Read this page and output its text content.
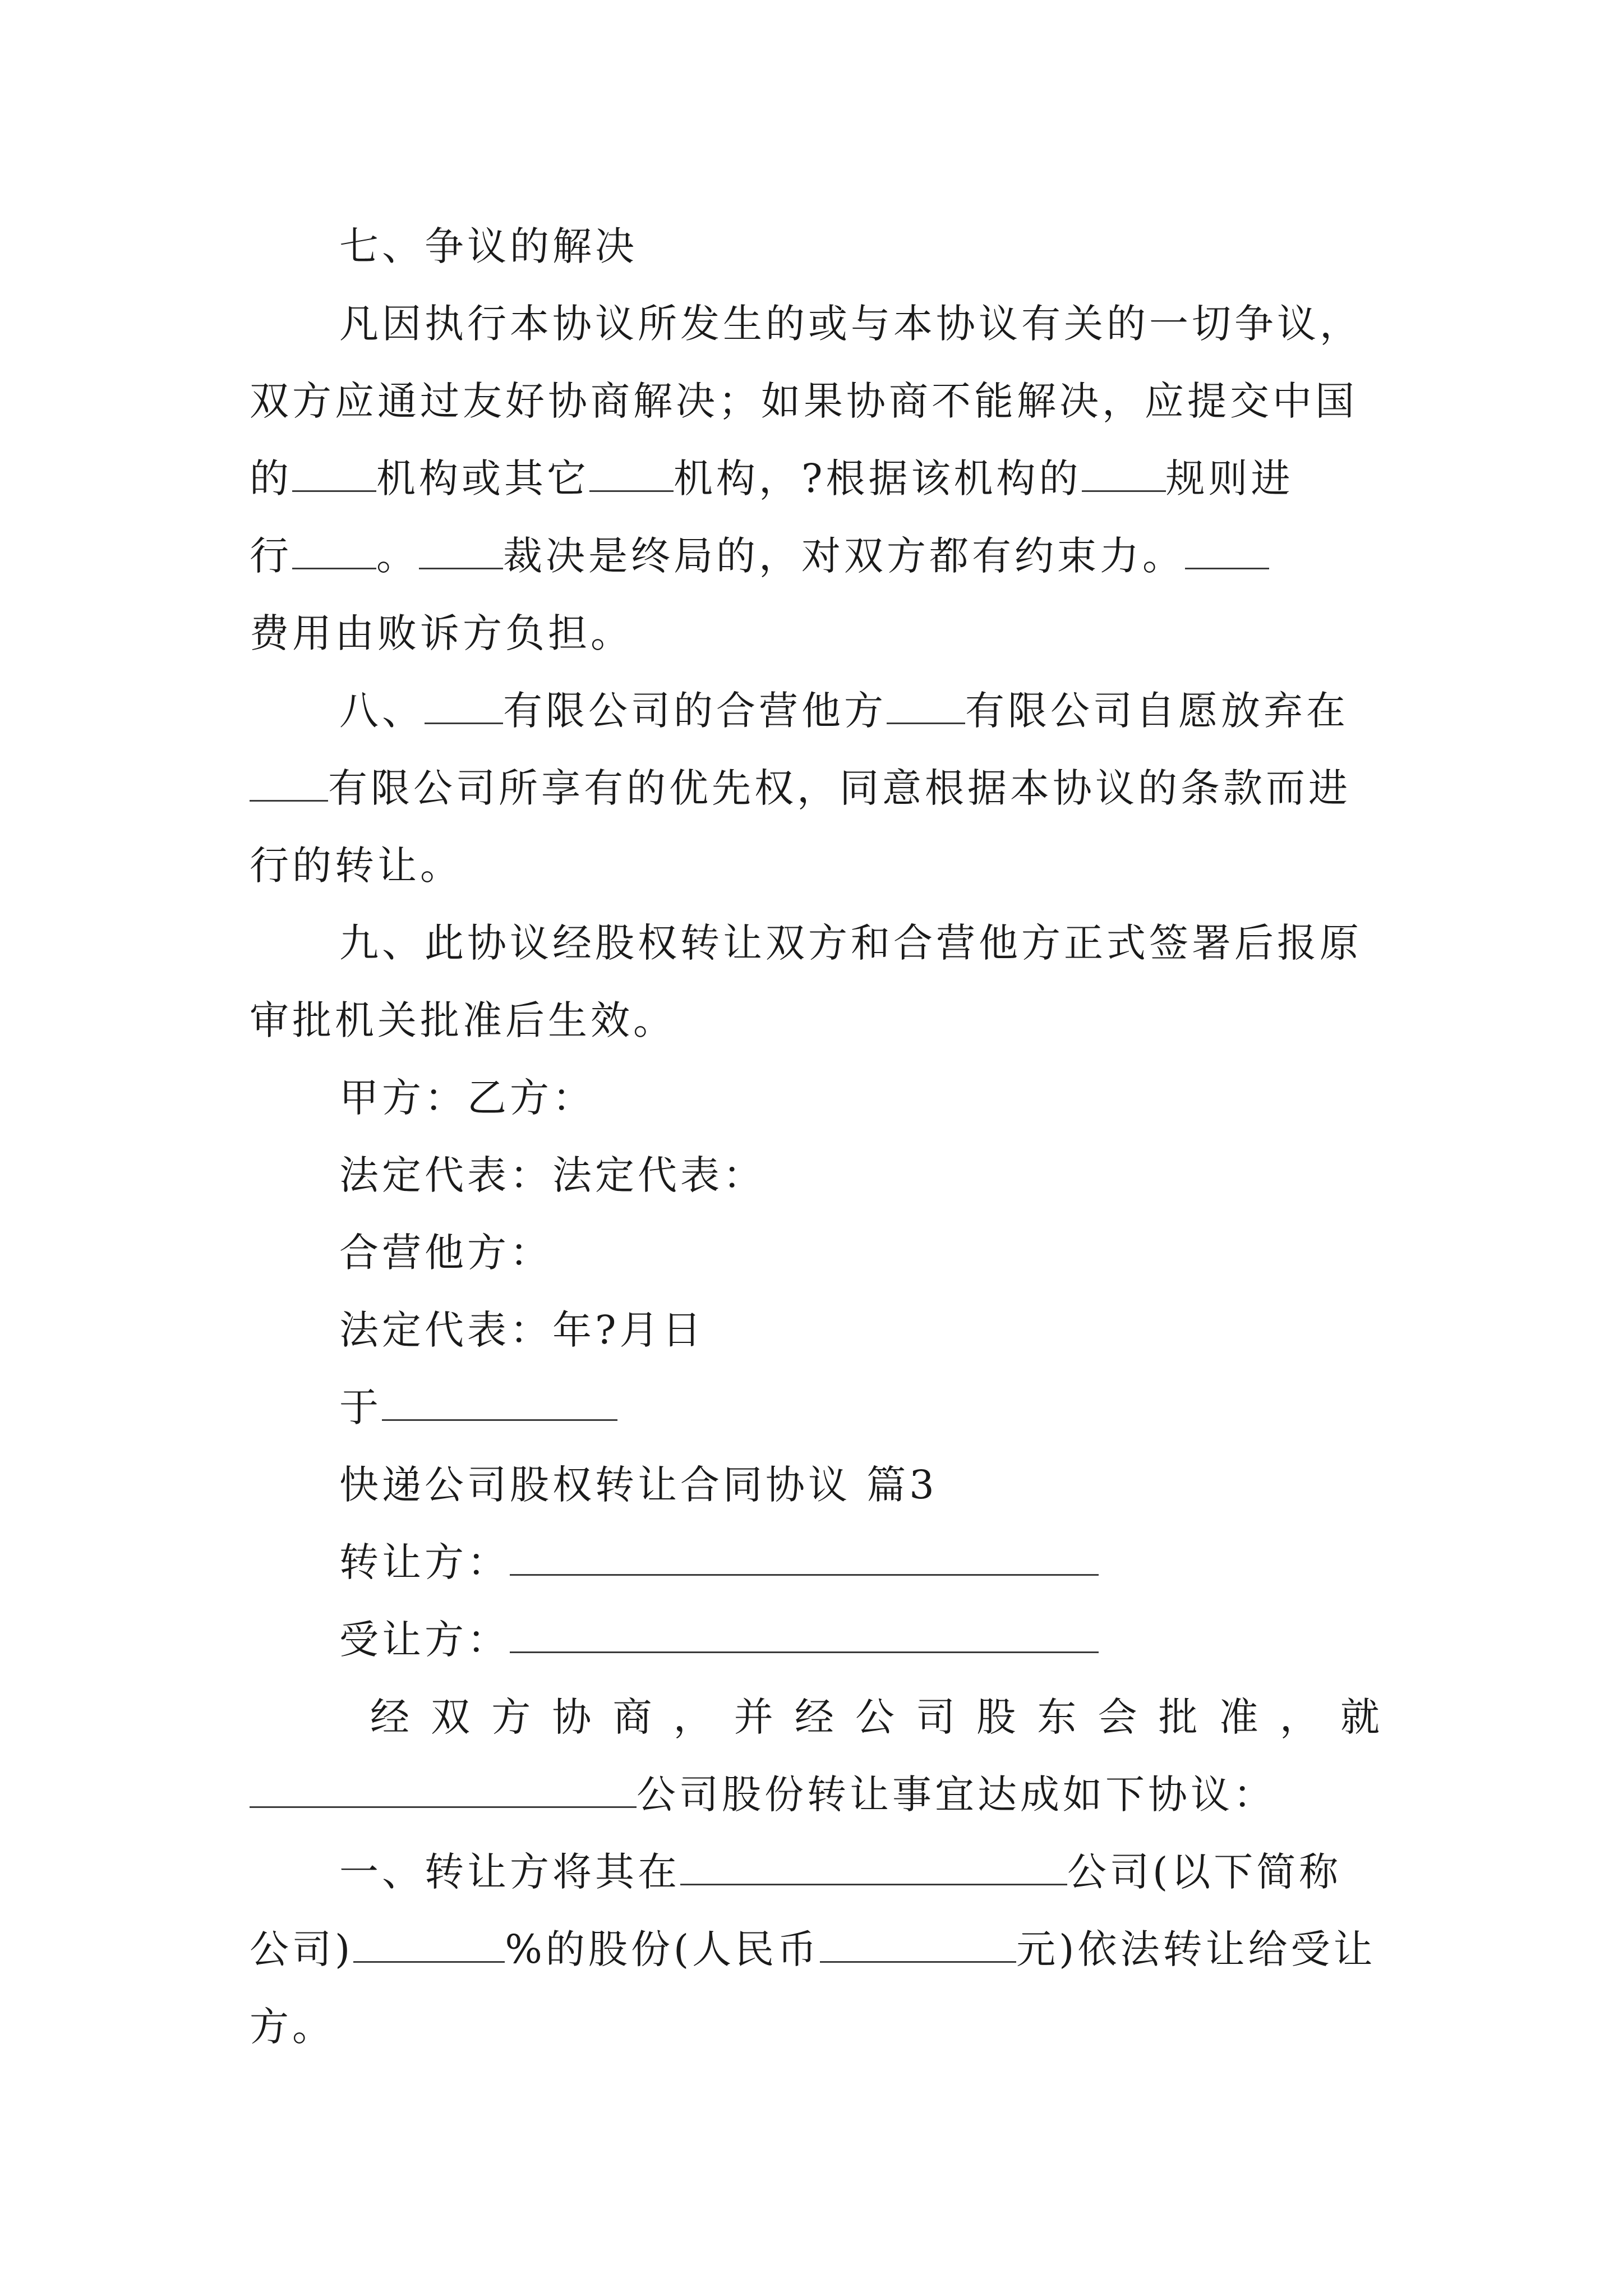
七、争议的解决
凡因执行本协议所发生的或与本协议有关的一切争议，
双方应通过友好协商解决；如果协商不能解决，应提交中国
的 机构或其它 机构，?根据该机构的 规则进
行 。 裁决是终局的，对双方都有约束力。
费用由败诉方负担。
八、 有限公司的合营他方 有限公司自愿放弃在
有限公司所享有的优先权，同意根据本协议的条款而进
行的转让。
九、此协议经股权转让双方和合营他方正式签署后报原
审批机关批准后生效。
甲方：乙方：
法定代表：法定代表：
合营他方：
法定代表：年?月日
于
快递公司股权转让合同协议 篇3
转让方：
受让方：
经双方协商，并经公司股东会批准，就
公司股份转让事宜达成如下协议：
一、转让方将其在	公司(以下简称
公司)	%的股份(人民币	元)依法转让给受让
方。
